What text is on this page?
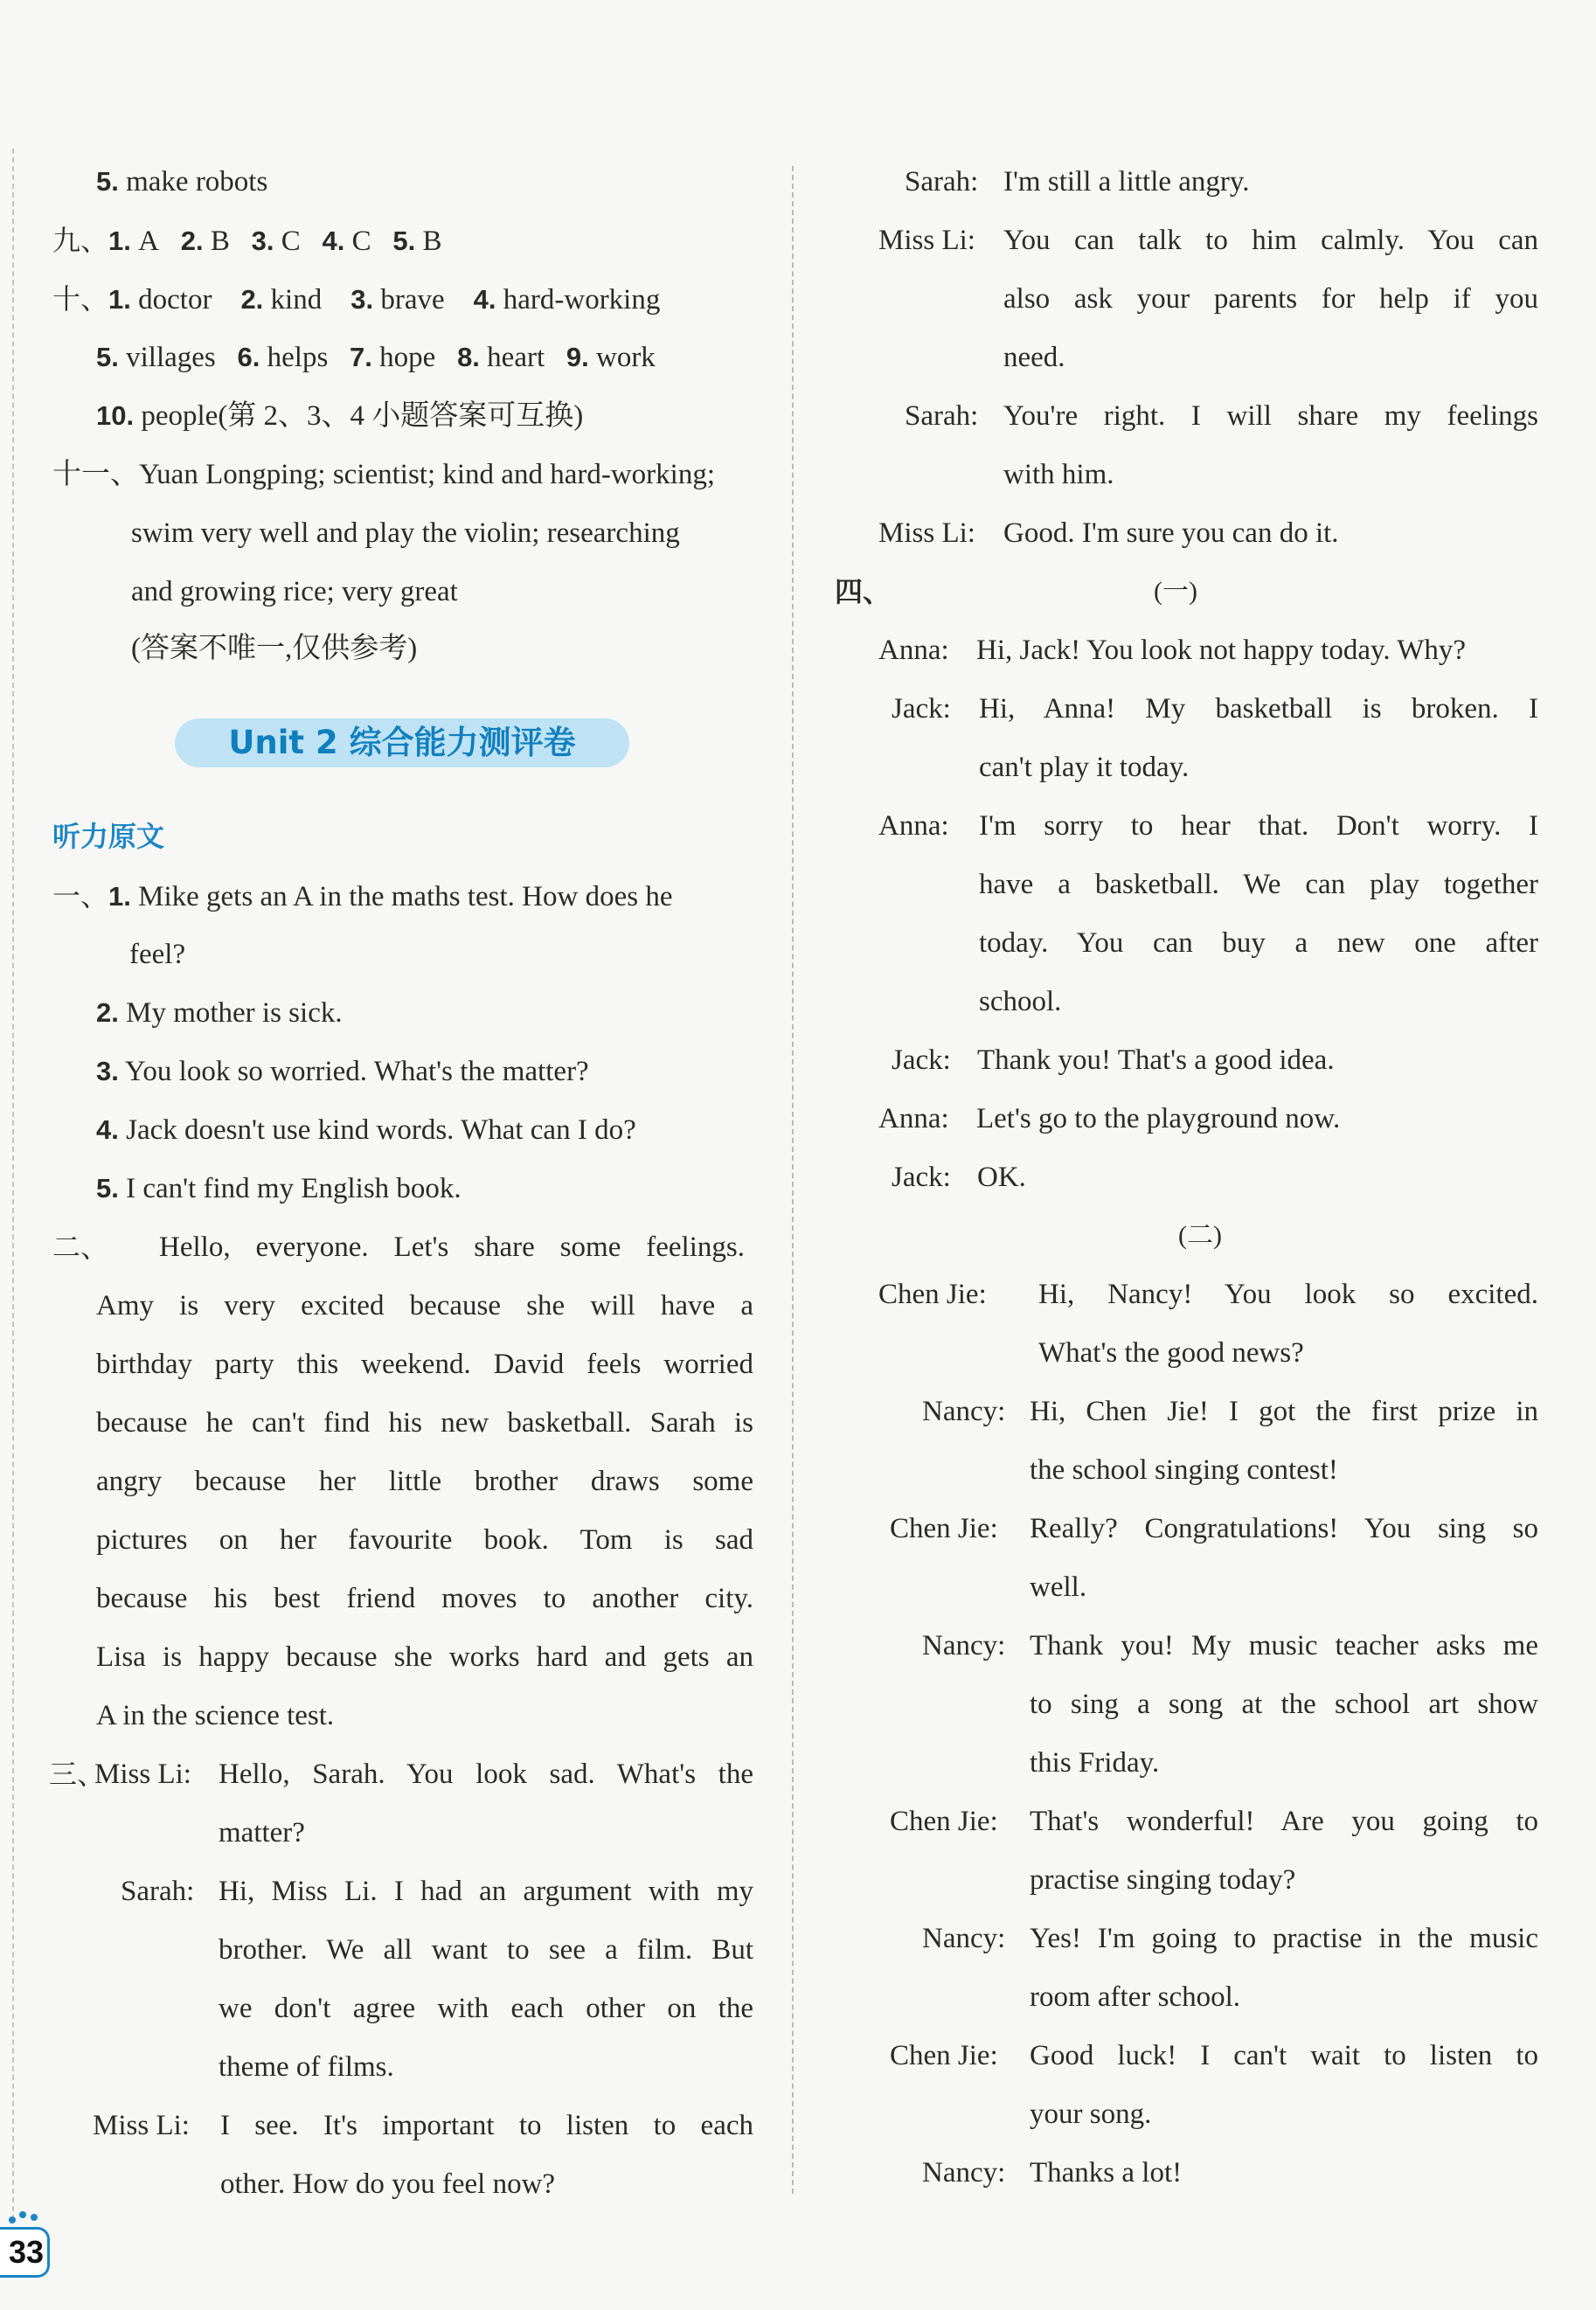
5. make robots
九、1. A 2. B 3. C 4. C 5. B
十、1. doctor 2. kind 3. brave 4. hard-working
5. villages 6. helps 7. hope 8. heart 9. work
10. people(第 2、3、4 小题答案可互换)
十一、Yuan Longping; scientist; kind and hard-working;
swim very well and play the violin; researching
and growing rice; very great
(答案不唯一,仅供参考)
Unit 2 综合能力测评卷
听力原文
一、1. Mike gets an A in the maths test. How does he
feel?
2. My mother is sick.
3. You look so worried. What's the matter?
4. Jack doesn't use kind words. What can I do?
5. I can't find my English book.
二、 Hello, everyone. Let's share some feelings.
Amy is very excited because she will have a
birthday party this weekend. David feels worried
because he can't find his new basketball. Sarah is
angry because her little brother draws some
pictures on her favourite book. Tom is sad
because his best friend moves to another city.
Lisa is happy because she works hard and gets an
A in the science test.
三、
Miss Li: Hello, Sarah. You look sad. What's the
matter?
Sarah: Hi, Miss Li. I had an argument with my
brother. We all want to see a film. But
we don't agree with each other on the
theme of films.
Miss Li: I see. It's important to listen to each
other. How do you feel now?
33
Sarah: I'm still a little angry.
Miss Li: You can talk to him calmly. You can
also ask your parents for help if you
need.
Sarah: You're right. I will share my feelings
with him.
Miss Li: Good. I'm sure you can do it.
四、	(一)
Anna: Hi, Jack! You look not happy today. Why?
Jack: Hi, Anna! My basketball is broken. I
can't play it today.
Anna: I'm sorry to hear that. Don't worry. I
have a basketball. We can play together
today. You can buy a new one after
school.
Jack: Thank you! That's a good idea.
Anna: Let's go to the playground now.
Jack: OK.
(二)
Chen Jie: Hi, Nancy! You look so excited.
What's the good news?
Nancy: Hi, Chen Jie! I got the first prize in
the school singing contest!
Chen Jie: Really? Congratulations! You sing so
well.
Nancy: Thank you! My music teacher asks me
to sing a song at the school art show
this Friday.
Chen Jie: That's wonderful! Are you going to
practise singing today?
Nancy: Yes! I'm going to practise in the music
room after school.
Chen Jie: Good luck! I can't wait to listen to
your song.
Nancy: Thanks a lot!
